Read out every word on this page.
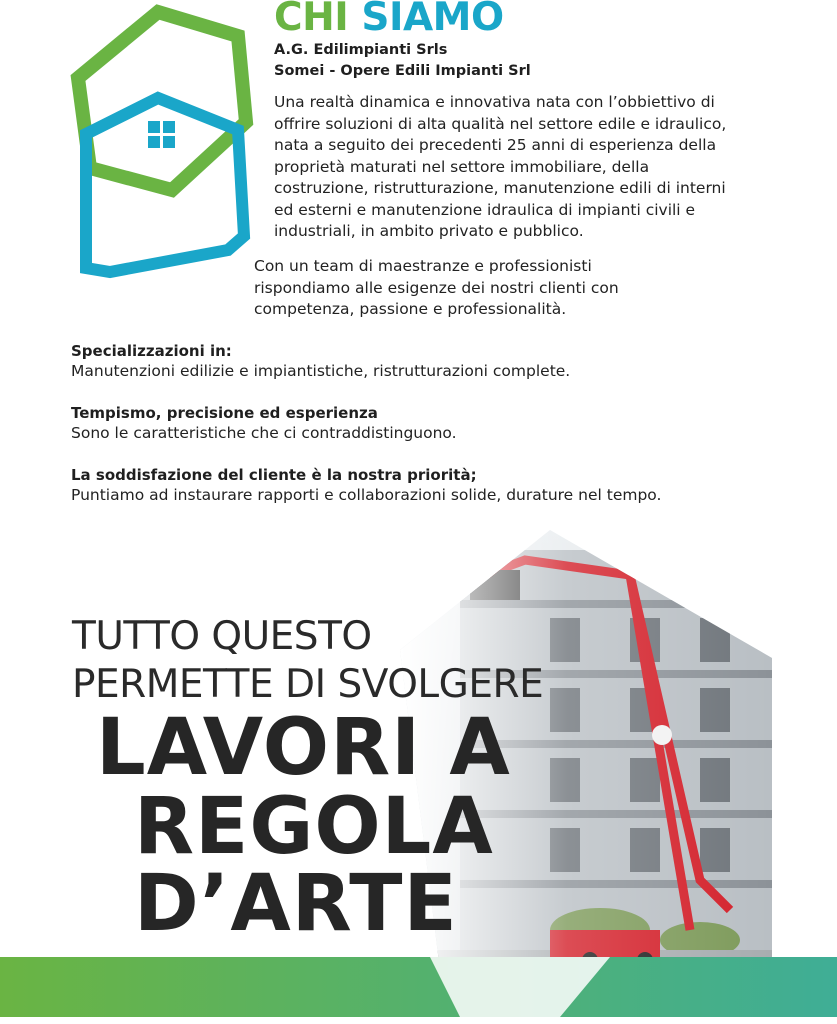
CHI SIAMO
A.G. Edilimpianti Srls
Somei - Opere Edili Impianti Srl

Una realtà dinamica e innovativa nata con l’obbiettivo di
offrire soluzioni di alta qualità nel settore edile e idraulico,
nata a seguito dei precedenti 25 anni di esperienza della
proprietà maturati nel settore immobiliare, della
costruzione, ristrutturazione, manutenzione edili di interni
ed esterni e manutenzione idraulica di impianti civili e
industriali, in ambito privato e pubblico.

Con un team di maestranze e professionisti
rispondiamo alle esigenze dei nostri clienti con
competenza, passione e professionalità.

Specializzazioni in:
Manutenzioni edilizie e impiantistiche, ristrutturazioni complete.
Tempismo, precisione ed esperienza
Sono le caratteristiche che ci contraddistinguono.
La soddisfazione del cliente è la nostra priorità;
Puntiamo ad instaurare rapporti e collaborazioni solide, durature nel tempo.
TUTTO QUESTO
PERMETTE DI SVOLGERE
LAVORI A
REGOLA
D’ARTE
